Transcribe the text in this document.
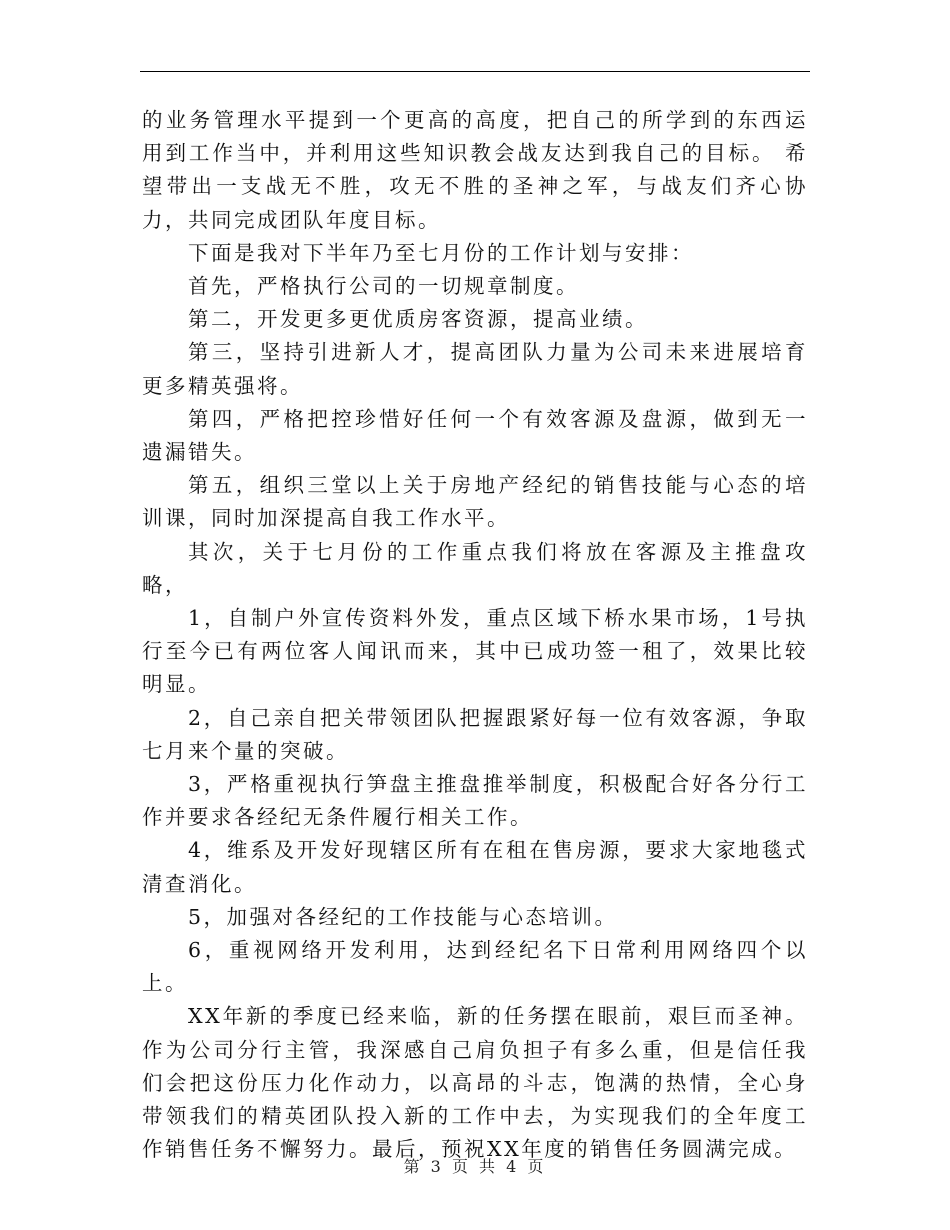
的业务管理水平提到一个更高的高度，把自己的所学到的东西运用到工作当中，并利用这些知识教会战友达到我自己的目标。 希望带出一支战无不胜，攻无不胜的圣神之军，与战友们齐心协力，共同完成团队年度目标。

下面是我对下半年乃至七月份的工作计划与安排：

首先，严格执行公司的一切规章制度。

第二，开发更多更优质房客资源，提高业绩。

第三，坚持引进新人才，提高团队力量为公司未来进展培育更多精英强将。

第四，严格把控珍惜好任何一个有效客源及盘源，做到无一遗漏错失。

第五，组织三堂以上关于房地产经纪的销售技能与心态的培训课，同时加深提高自我工作水平。

其次，关于七月份的工作重点我们将放在客源及主推盘攻略，

1，自制户外宣传资料外发，重点区域下桥水果市场，1号执行至今已有两位客人闻讯而来，其中已成功签一租了，效果比较明显。

2，自己亲自把关带领团队把握跟紧好每一位有效客源，争取七月来个量的突破。

3，严格重视执行笋盘主推盘推举制度，积极配合好各分行工作并要求各经纪无条件履行相关工作。

4，维系及开发好现辖区所有在租在售房源，要求大家地毯式清查消化。

5，加强对各经纪的工作技能与心态培训。

6，重视网络开发利用，达到经纪名下日常利用网络四个以上。

XX年新的季度已经来临，新的任务摆在眼前，艰巨而圣神。作为公司分行主管，我深感自己肩负担子有多么重，但是信任我们会把这份压力化作动力，以高昂的斗志，饱满的热情，全心身带领我们的精英团队投入新的工作中去，为实现我们的全年度工作销售任务不懈努力。最后，预祝XX年度的销售任务圆满完成。

第 3 页 共 4 页
